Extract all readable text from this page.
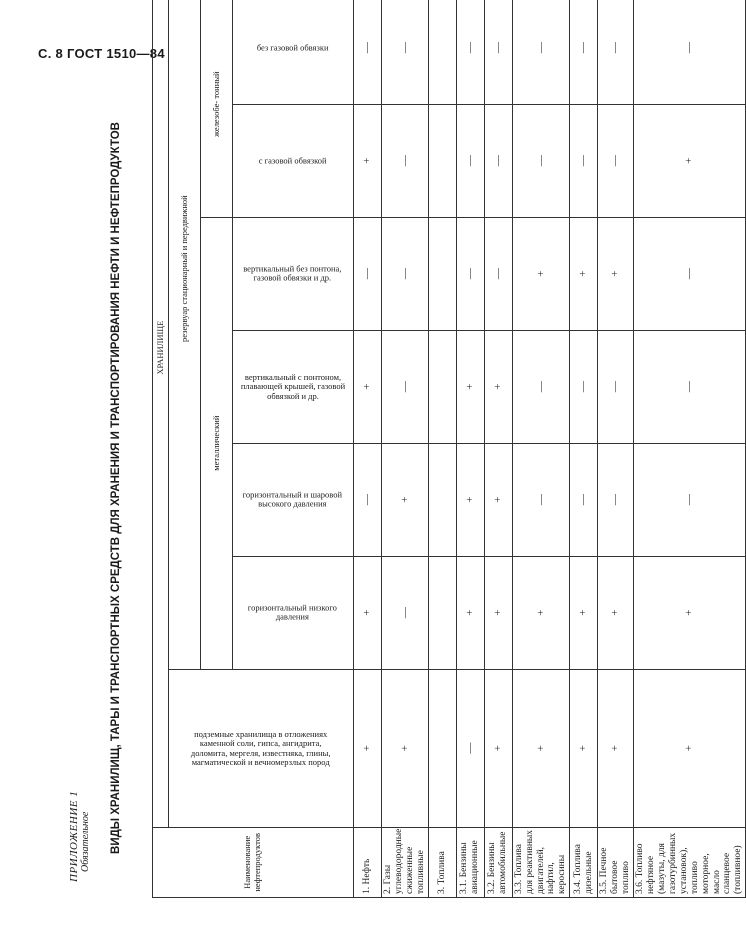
С. 8 ГОСТ 1510—84
ПРИЛОЖЕНИЕ 1 Обязательное ВИДЫ ХРАНИЛИЩ, ТАРЫ И ТРАНСПОРТНЫХ СРЕДСТВ ДЛЯ ХРАНЕНИЯ И ТРАНСПОРТИРОВАНИЯ НЕФТИ И НЕФТЕПРОДУКТОВ
Наименование нефтепродуктов	ХРАНИЛИЩЕ	
	подземные хранилища в отложениях каменной соли, гипса, ангидрита, доломита, мергеля, известняка, глины, магматической и вечномерзлых пород	резервуар стационарный и передвижной				
		металлический				железобе- тонный				
		горизонтальный низкого давления	горизонтальный и шаровой высокого давления	вертикальный с понтоном, плавающей крышей, газовой обвязкой и др.	вертикальный без понтона, газовой обвязки и др.	с газовой обвязкой	без газовой обвязки							

1. Нефть	+	+	—	+	—	+	—											
2. Газы углеводородные сжиженные топливные	+	—	+	—	—	—	—											
3. Топлива																			
3.1. Бензины авиационные	—	+	+	+	—	—	—											
3.2. Бензины автомобильные	+	+	+	+	—	—	—											
3.3. Топлива для реактивных двигателей, нафтил, керосины	+	+	—	—	+	—	—											
3.4. Топлива дизельные	+	+	—	—	+	—	—											
3.5. Печное бытовое топливо	+	+	—	—	+	—	—											
3.6. Топливо нефтяное (мазуты, для газотурбинных установок), топливо моторное, масло сланцевое (топливное)	+	+	—	—	—	+	—											
